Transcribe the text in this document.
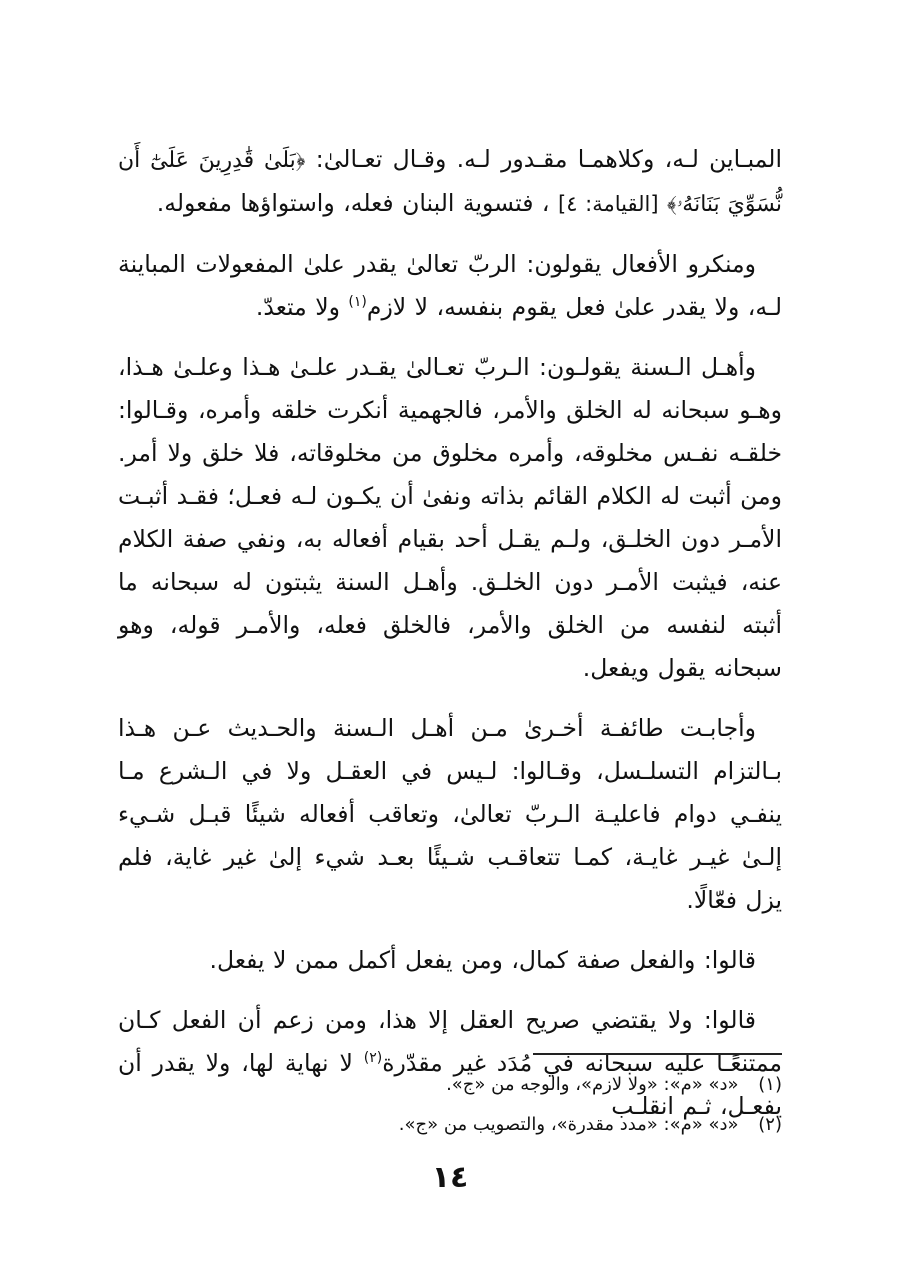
المبـاين لـه، وكلاهمـا مقـدور لـه. وقـال تعـالىٰ: ﴿بَلَىٰ قَٰدِرِينَ عَلَىٰٓ أَن نُّسَوِّيَ بَنَانَهُۥ﴾ [القيامة: ٤] ، فتسوية البنان فعله، واستواؤها مفعوله.

ومنكرو الأفعال يقولون: الربّ تعالىٰ يقدر علىٰ المفعولات المباينة لـه، ولا يقدر علىٰ فعل يقوم بنفسه، لا لازم$^{(١)}$ ولا متعدّ.

وأهـل الـسنة يقولـون: الـربّ تعـالىٰ يقـدر علـىٰ هـذا وعلـىٰ هـذا، وهـو سبحانه له الخلق والأمر، فالجهمية أنكرت خلقه وأمره، وقـالوا: خلقـه نفـس مخلوقه، وأمره مخلوق من مخلوقاته، فلا خلق ولا أمر. ومن أثبت له الكلام القائم بذاته ونفىٰ أن يكـون لـه فعـل؛ فقـد أثبـت الأمـر دون الخلـق، ولـم يقـل أحد بقيام أفعاله به، ونفي صفة الكلام عنه، فيثبت الأمـر دون الخلـق. وأهـل السنة يثبتون له سبحانه ما أثبته لنفسه من الخلق والأمر، فالخلق فعله، والأمـر قوله، وهو سبحانه يقول ويفعل.

وأجابـت طائفـة أخـرىٰ مـن أهـل الـسنة والحـديث عـن هـذا بـالتزام التسلـسل، وقـالوا: لـيس في العقـل ولا في الـشرع مـا ينفـي دوام فاعليـة الـربّ تعالىٰ، وتعاقب أفعاله شيئًا قبـل شـيء إلـىٰ غيـر غايـة، كمـا تتعاقـب شـيئًا بعـد شيء إلىٰ غير غاية، فلم يزل فعّالًا.

قالوا: والفعل صفة كمال، ومن يفعل أكمل ممن لا يفعل.

قالوا: ولا يقتضي صريح العقل إلا هذا، ومن زعم أن الفعل كـان ممتنعًـا عليه سبحانه في مُدَد غير مقدّرة$^{(٢)}$ لا نهاية لها، ولا يقدر أن يفعـل، ثـم انقلـب

(١) «د» «م»: «ولا لازم»، والوجه من «ج».

(٢) «د» «م»: «مدد مقدرة»، والتصويب من «ج».

١٤
